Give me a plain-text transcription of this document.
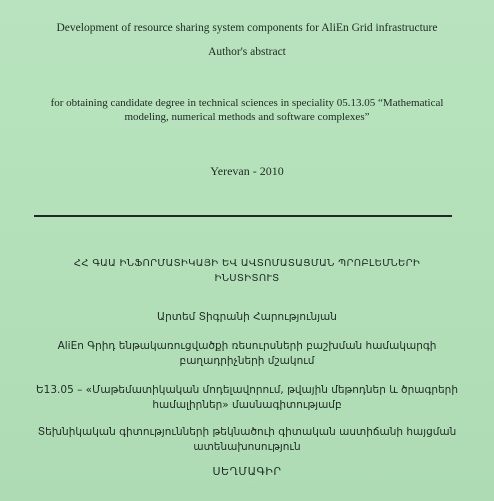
Development of resource sharing system components for AliEn Grid infrastructure
Author's abstract
for obtaining candidate degree in technical sciences in speciality 05.13.05 “Mathematical
modeling, numerical methods and software complexes”
Yerevan - 2010
ՀՀ ԳԱԱ ԻՆՖՈՐՄԱՏԻԿԱՅԻ ԵՎ ԱՎՏՈՄԱՏԱՑՄԱՆ ՊՐՈԲԼԵՄՆԵՐԻ
ԻՆՍՏԻՏՈՒՏ
Արտեմ Տիգրանի Հարությունյան
AliEn Գրիդ ենթակառուցվածքի ռեսուրսների բաշխման համակարգի
բաղադրիչների մշակում
Ե13.05 – «Մաթեմատիկական մոդելավորում, թվային մեթոդներ և ծրագրերի
համալիրներ» մասնագիտությամբ
Տեխնիկական գիտությունների թեկնածուի գիտական աստիճանի հայցման
ատենախոսություն
ՍԵՂՄԱԳԻՐ
